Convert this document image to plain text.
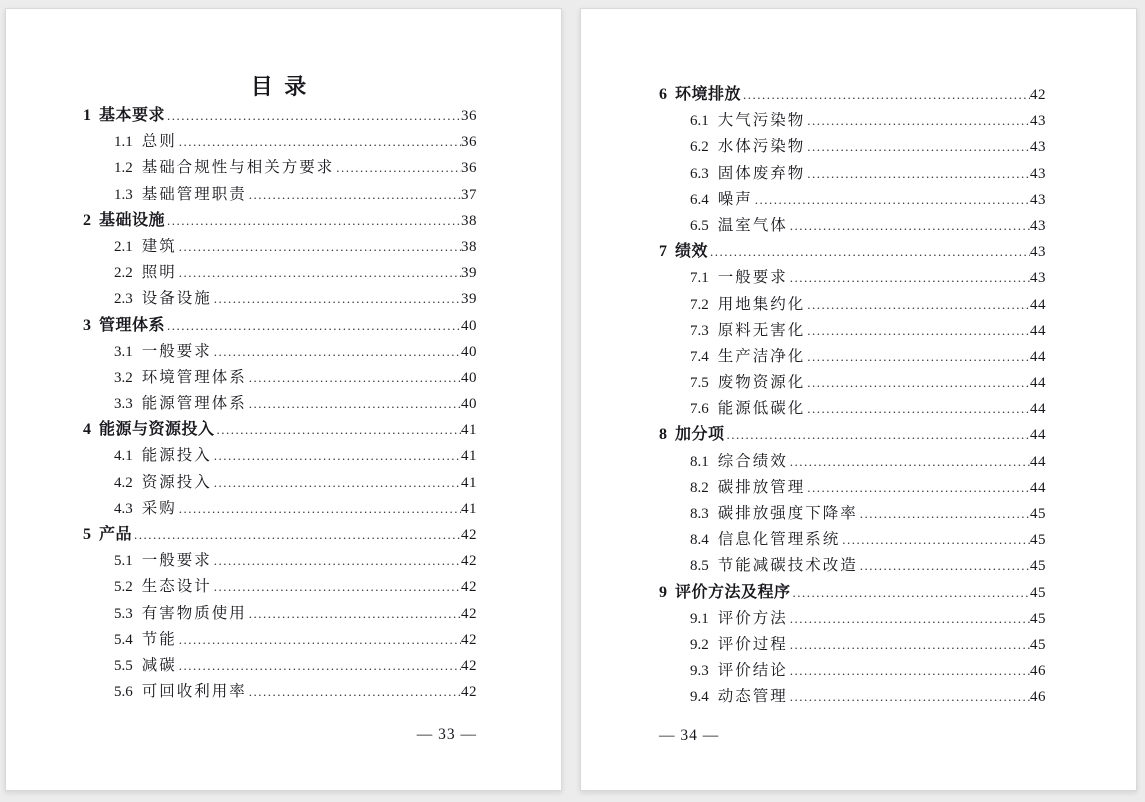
目 录
1 基本要求 .....	36
1.1 总则 .....	36
1.2 基础合规性与相关方要求 .....	36
1.3 基础管理职责 .....	37
2 基础设施 .....	38
2.1 建筑 .....	38
2.2 照明 .....	39
2.3 设备设施 .....	39
3 管理体系 .....	40
3.1 一般要求 .....	40
3.2 环境管理体系 .....	40
3.3 能源管理体系 .....	40
4 能源与资源投入 .....	41
4.1 能源投入 .....	41
4.2 资源投入 .....	41
4.3 采购 .....	41
5 产品 .....	42
5.1 一般要求 .....	42
5.2 生态设计 .....	42
5.3 有害物质使用 .....	42
5.4 节能 .....	42
5.5 减碳 .....	42
5.6 可回收利用率 .....	42
— 33 —
6 环境排放 .....	42
6.1 大气污染物 .....	43
6.2 水体污染物 .....	43
6.3 固体废弃物 .....	43
6.4 噪声 .....	43
6.5 温室气体 .....	43
7 绩效 .....	43
7.1 一般要求 .....	43
7.2 用地集约化 .....	44
7.3 原料无害化 .....	44
7.4 生产洁净化 .....	44
7.5 废物资源化 .....	44
7.6 能源低碳化 .....	44
8 加分项 .....	44
8.1 综合绩效 .....	44
8.2 碳排放管理 .....	44
8.3 碳排放强度下降率 .....	45
8.4 信息化管理系统 .....	45
8.5 节能减碳技术改造 .....	45
9 评价方法及程序 .....	45
9.1 评价方法 .....	45
9.2 评价过程 .....	45
9.3 评价结论 .....	46
9.4 动态管理 .....	46
— 34 —
